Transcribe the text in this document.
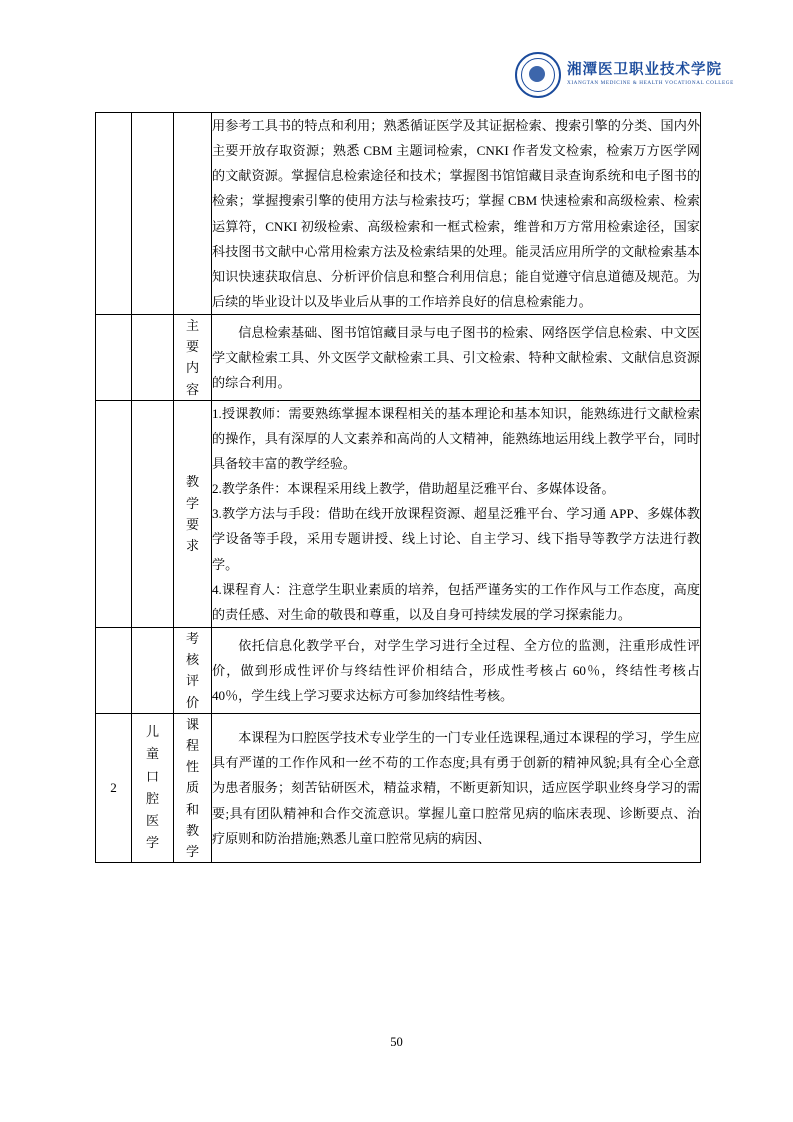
湘潭医卫职业技术学院
XIANGTAN MEDICINE & HEALTH VOCATIONAL COLLEGE

			用参考工具书的特点和利用；熟悉循证医学及其证据检索、搜索引擎的分类、国内外主要开放存取资源；熟悉 CBM 主题词检索，CNKI 作者发文检索，检索万方医学网的文献资源。掌握信息检索途径和技术；掌握图书馆馆藏目录查询系统和电子图书的检索；掌握搜索引擎的使用方法与检索技巧；掌握 CBM 快速检索和高级检索、检索运算符，CNKI 初级检索、高级检索和一框式检索，维普和万方常用检索途径，国家科技图书文献中心常用检索方法及检索结果的处理。能灵活应用所学的文献检索基本知识快速获取信息、分析评价信息和整合利用信息；能自觉遵守信息道德及规范。为后续的毕业设计以及毕业后从事的工作培养良好的信息检索能力。

		主要内容	信息检索基础、图书馆馆藏目录与电子图书的检索、网络医学信息检索、中文医学文献检索工具、外文医学文献检索工具、引文检索、特种文献检索、文献信息资源的综合利用。

		教学要求	1.授课教师：需要熟练掌握本课程相关的基本理论和基本知识，能熟练进行文献检索的操作，具有深厚的人文素养和高尚的人文精神，能熟练地运用线上教学平台，同时具备较丰富的教学经验。

2.教学条件：本课程采用线上教学，借助超星泛雅平台、多媒体设备。

3.教学方法与手段：借助在线开放课程资源、超星泛雅平台、学习通 APP、多媒体教学设备等手段，采用专题讲授、线上讨论、自主学习、线下指导等教学方法进行教学。

4.课程育人：注意学生职业素质的培养，包括严谨务实的工作作风与工作态度，高度的责任感、对生命的敬畏和尊重，以及自身可持续发展的学习探索能力。

		考核评价	依托信息化教学平台，对学生学习进行全过程、全方位的监测，注重形成性评价，做到形成性评价与终结性评价相结合，形成性考核占 60％，终结性考核占 40％，学生线上学习要求达标方可参加终结性考核。

2	儿童口腔医学	课程性质和教学	本课程为口腔医学技术专业学生的一门专业任选课程,通过本课程的学习，学生应具有严谨的工作作风和一丝不苟的工作态度;具有勇于创新的精神风貌;具有全心全意为患者服务；刻苦钻研医术，精益求精，不断更新知识，适应医学职业终身学习的需要;具有团队精神和合作交流意识。掌握儿童口腔常见病的临床表现、诊断要点、治疗原则和防治措施;熟悉儿童口腔常见病的病因、

50
